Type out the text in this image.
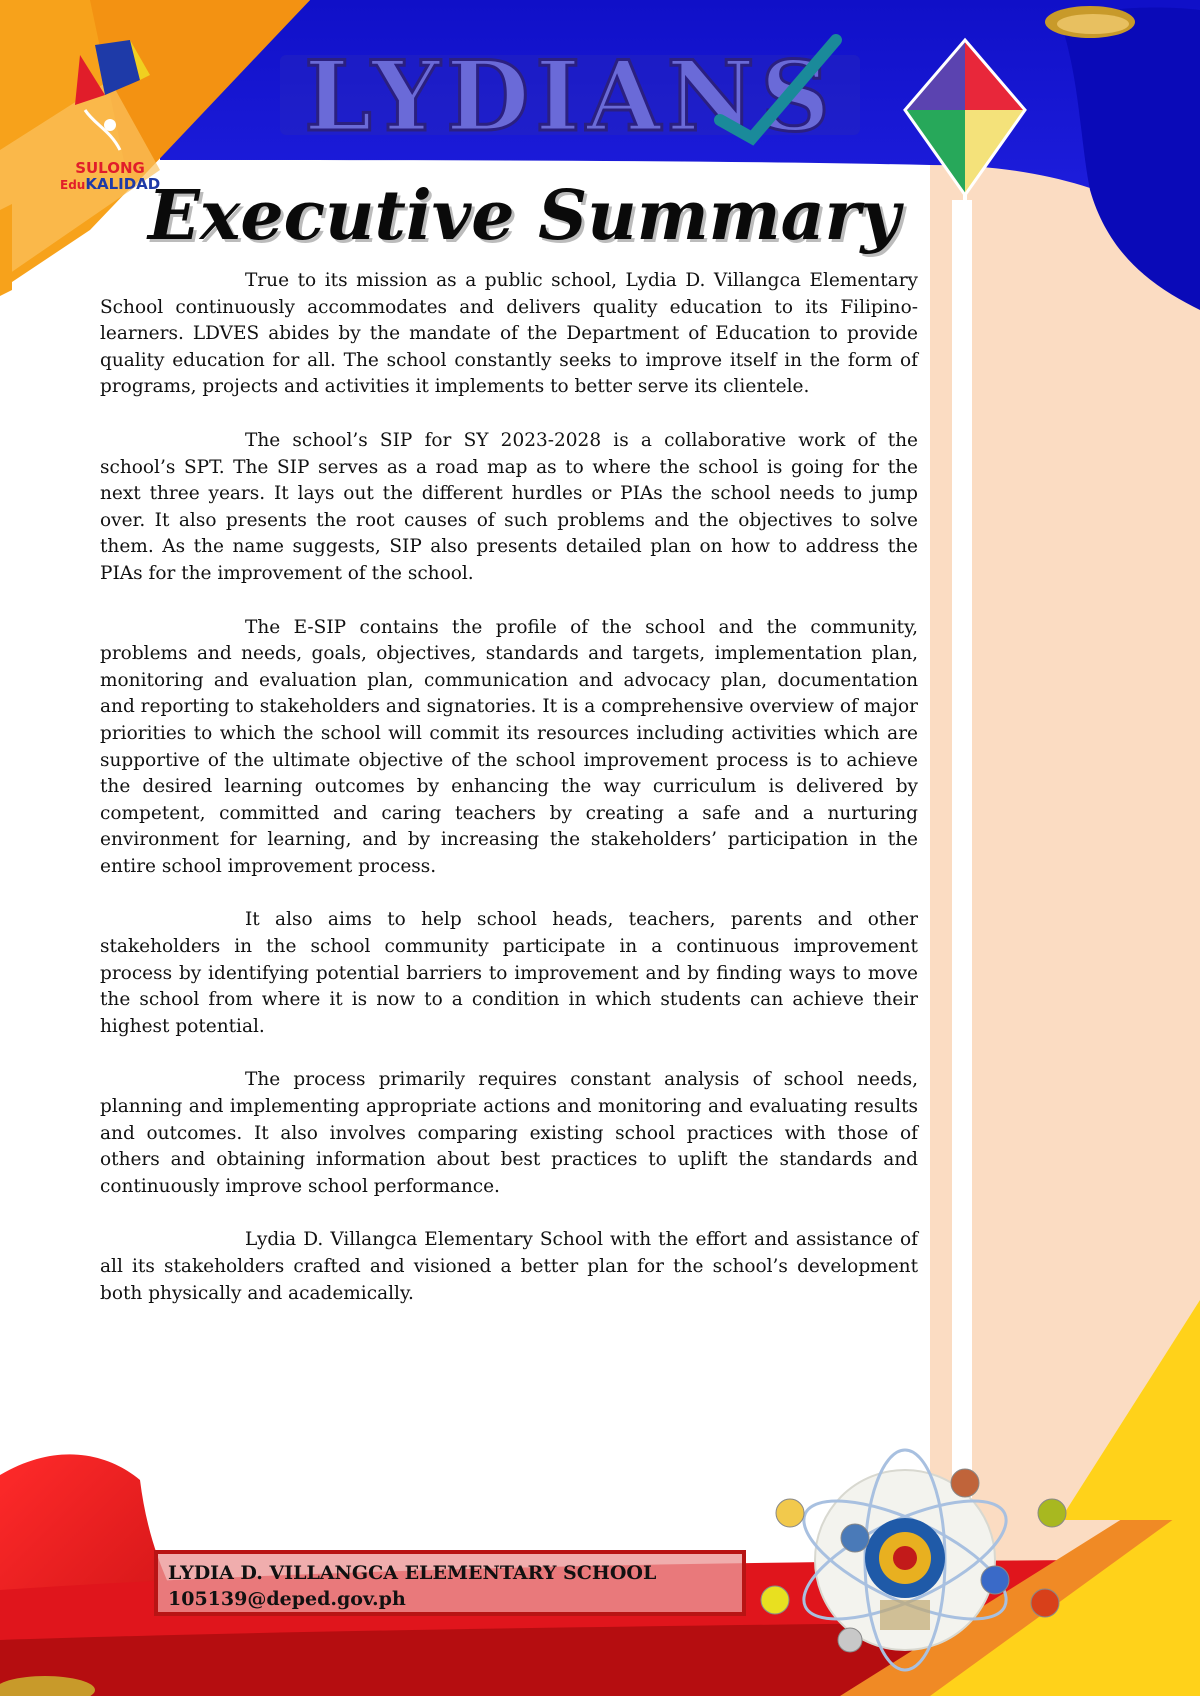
LYDIANS
SULONG
EduKALIDAD
Executive Summary

True to its mission as a public school, Lydia D. Villangca Elementary School continuously accommodates and delivers quality education to its Filipino-learners. LDVES abides by the mandate of the Department of Education to provide quality education for all. The school constantly seeks to improve itself in the form of programs, projects and activities it implements to better serve its clientele.

The school’s SIP for SY 2023-2028 is a collaborative work of the school’s SPT. The SIP serves as a road map as to where the school is going for the next three years. It lays out the different hurdles or PIAs the school needs to jump over. It also presents the root causes of such problems and the objectives to solve them. As the name suggests, SIP also presents detailed plan on how to address the PIAs for the improvement of the school.

The E-SIP contains the profile of the school and the community, problems and needs, goals, objectives, standards and targets, implementation plan, monitoring and evaluation plan, communication and advocacy plan, documentation and reporting to stakeholders and signatories. It is a comprehensive overview of major priorities to which the school will commit its resources including activities which are supportive of the ultimate objective of the school improvement process is to achieve the desired learning outcomes by enhancing the way curriculum is delivered by competent, committed and caring teachers by creating a safe and a nurturing environment for learning, and by increasing the stakeholders’ participation in the entire school improvement process.

It also aims to help school heads, teachers, parents and other stakeholders in the school community participate in a continuous improvement process by identifying potential barriers to improvement and by finding ways to move the school from where it is now to a condition in which students can achieve their highest potential.

The process primarily requires constant analysis of school needs, planning and implementing appropriate actions and monitoring and evaluating results and outcomes. It also involves comparing existing school practices with those of others and obtaining information about best practices to uplift the standards and continuously improve school performance.

Lydia D. Villangca Elementary School with the effort and assistance of all its stakeholders crafted and visioned a better plan for the school’s development both physically and academically.

LYDIA D. VILLANGCA ELEMENTARY SCHOOL
105139@deped.gov.ph
